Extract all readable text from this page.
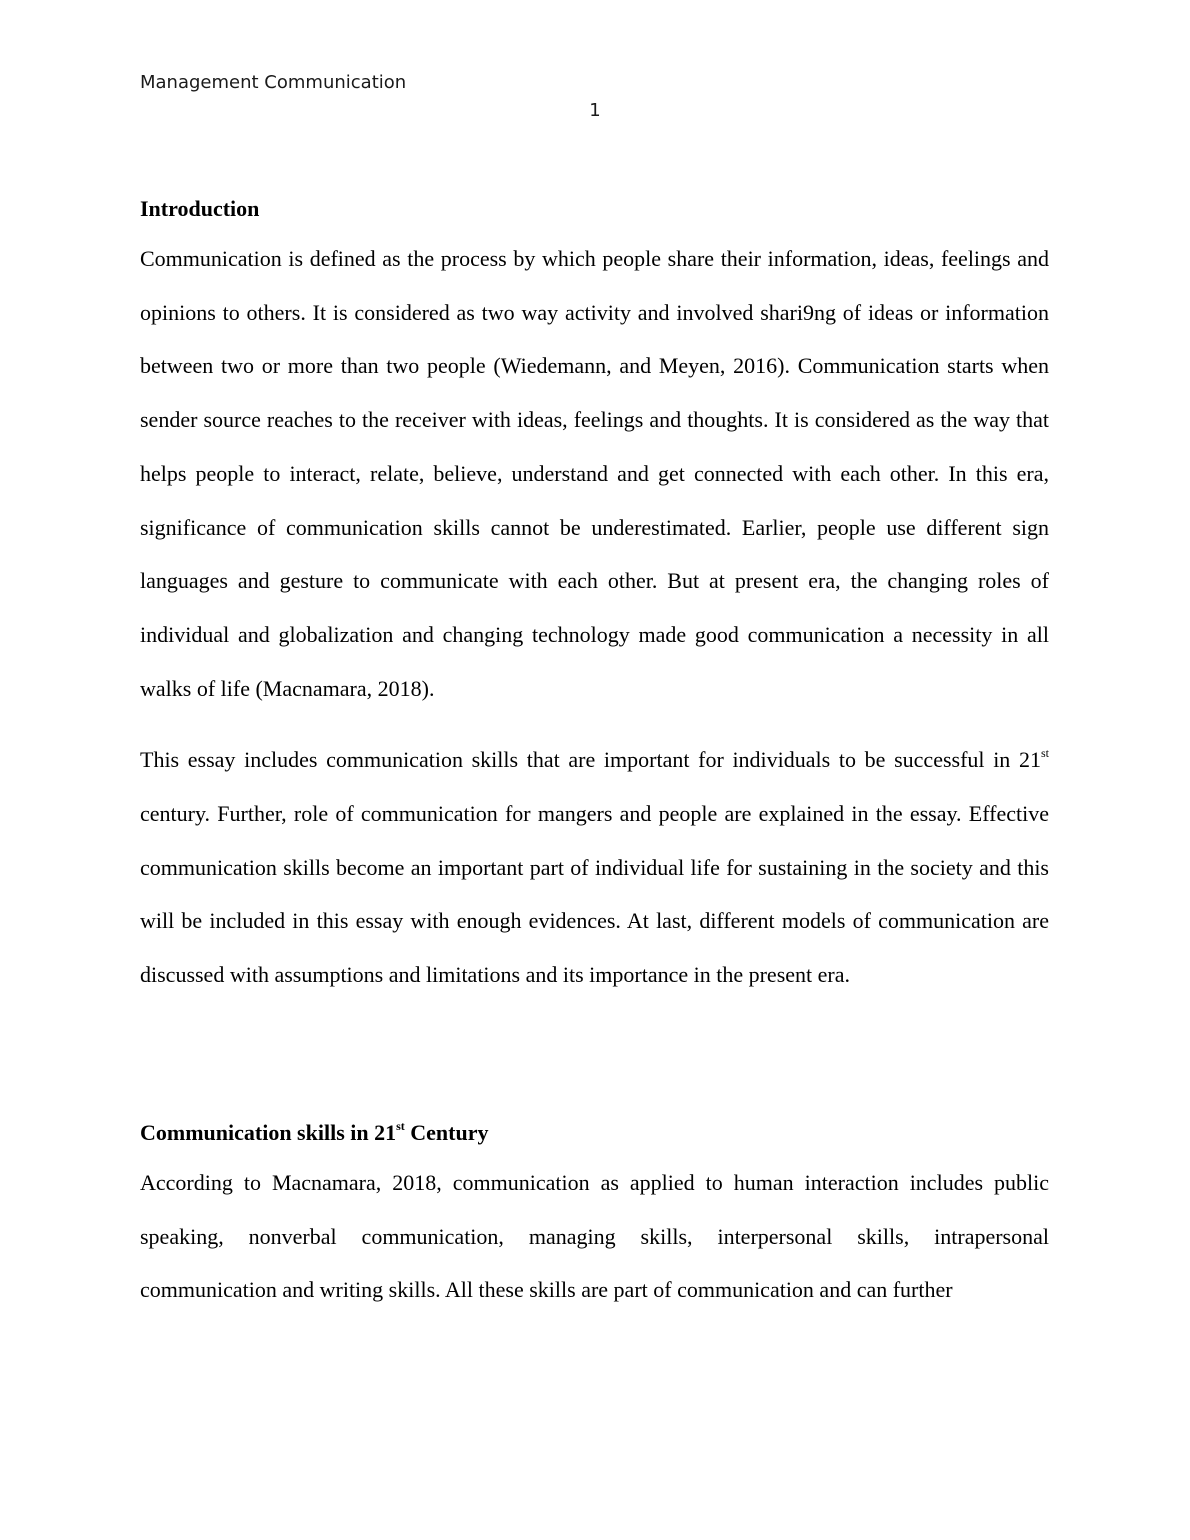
Management Communication
1
Introduction

Communication is defined as the process by which people share their information, ideas, feelings and opinions to others. It is considered as two way activity and involved shari9ng of ideas or information between two or more than two people (Wiedemann, and Meyen, 2016). Communication starts when sender source reaches to the receiver with ideas, feelings and thoughts. It is considered as the way that helps people to interact, relate, believe, understand and get connected with each other. In this era, significance of communication skills cannot be underestimated. Earlier, people use different sign languages and gesture to communicate with each other. But at present era, the changing roles of individual and globalization and changing technology made good communication a necessity in all walks of life (Macnamara, 2018).

This essay includes communication skills that are important for individuals to be successful in 21st century. Further, role of communication for mangers and people are explained in the essay. Effective communication skills become an important part of individual life for sustaining in the society and this will be included in this essay with enough evidences. At last, different models of communication are discussed with assumptions and limitations and its importance in the present era.

Communication skills in 21st Century

According to Macnamara, 2018, communication as applied to human interaction includes public speaking, nonverbal communication, managing skills, interpersonal skills, intrapersonal communication and writing skills. All these skills are part of communication and can further
